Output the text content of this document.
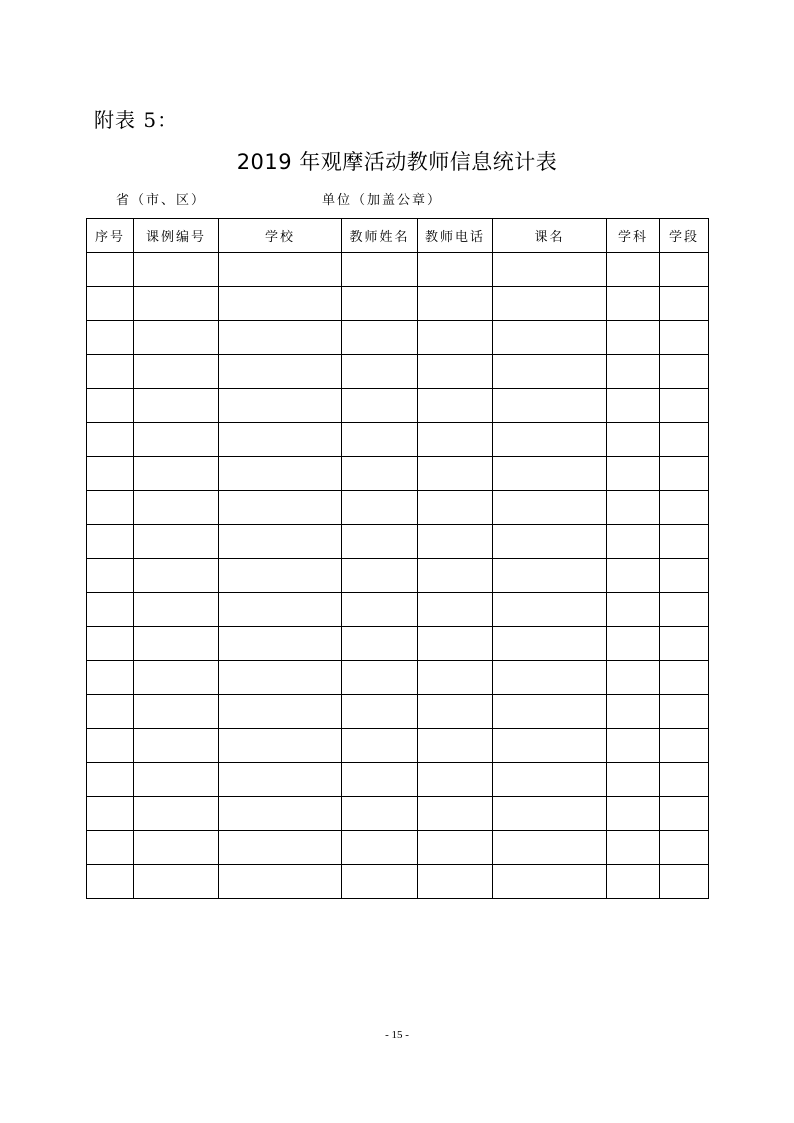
附表 5：
2019 年观摩活动教师信息统计表
省（市、区）	单位（加盖公章）
序号	课例编号	学校	教师姓名	教师电话	课名	学科	学段

- 15 -
